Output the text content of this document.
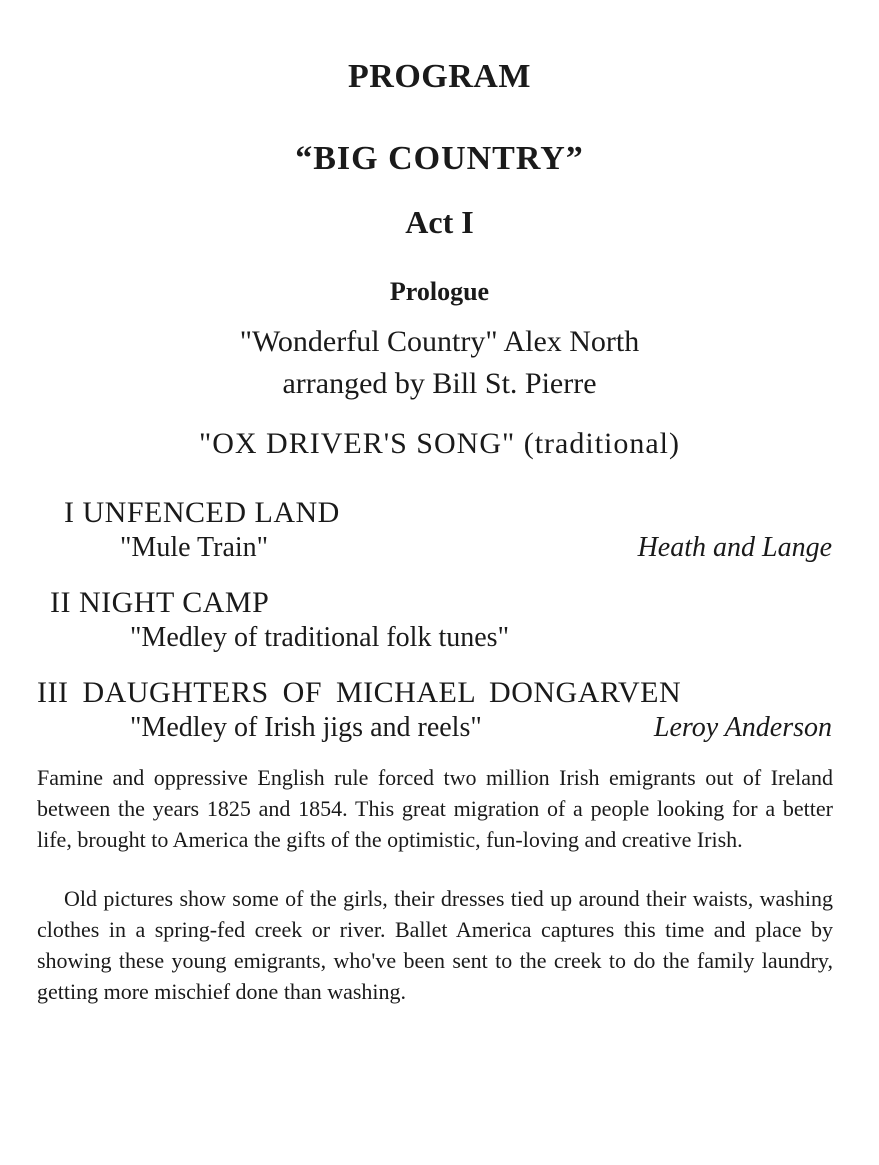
PROGRAM
“BIG COUNTRY”
Act I
Prologue
"Wonderful Country" Alex North
arranged by Bill St. Pierre
"OX DRIVER'S SONG" (traditional)
I UNFENCED LAND
"Mule Train"	Heath and Lange
II NIGHT CAMP
"Medley of traditional folk tunes"
III DAUGHTERS OF MICHAEL DONGARVEN
"Medley of Irish jigs and reels"	Leroy Anderson

Famine and oppressive English rule forced two million Irish emigrants out of Ireland between the years 1825 and 1854. This great migration of a people looking for a better life, brought to America the gifts of the optimistic, fun-loving and creative Irish.

Old pictures show some of the girls, their dresses tied up around their waists, washing clothes in a spring-fed creek or river. Ballet America captures this time and place by showing these young emigrants, who've been sent to the creek to do the family laundry, getting more mischief done than washing.
